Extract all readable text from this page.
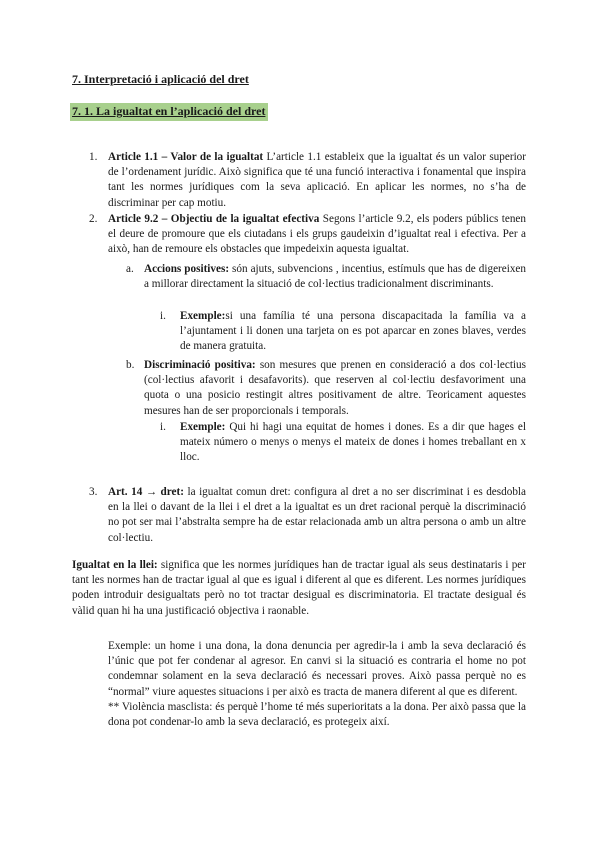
7. Interpretació i aplicació del dret
7. 1. La igualtat en l’aplicació del dret
1. Article 1.1 – Valor de la igualtat L’article 1.1 estableix que la igualtat és un valor superior de l’ordenament jurídic. Això significa que té una funció interactiva i fonamental que inspira tant les normes jurídiques com la seva aplicació. En aplicar les normes, no s’ha de discriminar per cap motiu.
2. Article 9.2 – Objectiu de la igualtat efectiva Segons l’article 9.2, els poders públics tenen el deure de promoure que els ciutadans i els grups gaudeixin d’igualtat real i efectiva. Per a això, han de remoure els obstacles que impedeixin aquesta igualtat.
a. Accions positives: són ajuts, subvencions , incentius, estímuls que has de digereixen a millorar directament la situació de col·lectius tradicionalment discriminants.
i. Exemple:si una família té una persona discapacitada la família va a l’ajuntament i li donen una tarjeta on es pot aparcar en zones blaves, verdes de manera gratuita.
b. Discriminació positiva: son mesures que prenen en consideració a dos col·lectius (col·lectius afavorit i desafavorits). que reserven al col·lectiu desfavoriment una quota o una posicio restingit altres positivament de altre. Teoricament aquestes mesures han de ser proporcionals i temporals.
i. Exemple: Qui hi hagi una equitat de homes i dones. Es a dir que hages el mateix número o menys o menys el mateix de dones i homes treballant en x lloc.
3. Art. 14 → dret: la igualtat comun dret: configura al dret a no ser discriminat i es desdobla en la llei o davant de la llei i el dret a la igualtat es un dret racional perquè la discriminació no pot ser mai l’abstralta sempre ha de estar relacionada amb un altra persona o amb un altre col·lectiu.
Igualtat en la llei: significa que les normes jurídiques han de tractar igual als seus destinataris i per tant les normes han de tractar igual al que es igual i diferent al que es diferent. Les normes jurídiques poden introduir desigualtats però no tot tractar desigual es discriminatoria. El tractate desigual és vàlid quan hi ha una justificació objectiva i raonable.
Exemple: un home i una dona, la dona denuncia per agredir-la i amb la seva declaració és l’únic que pot fer condenar al agresor. En canvi si la situació es contraria el home no pot condemnar solament en la seva declaració és necessari proves. Això passa perquè no es “normal” viure aquestes situacions i per això es tracta de manera diferent al que es diferent.
** Violència masclista: és perquè l’home té més superioritats a la dona. Per això passa que la dona pot condenar-lo amb la seva declaració, es protegeix així.
